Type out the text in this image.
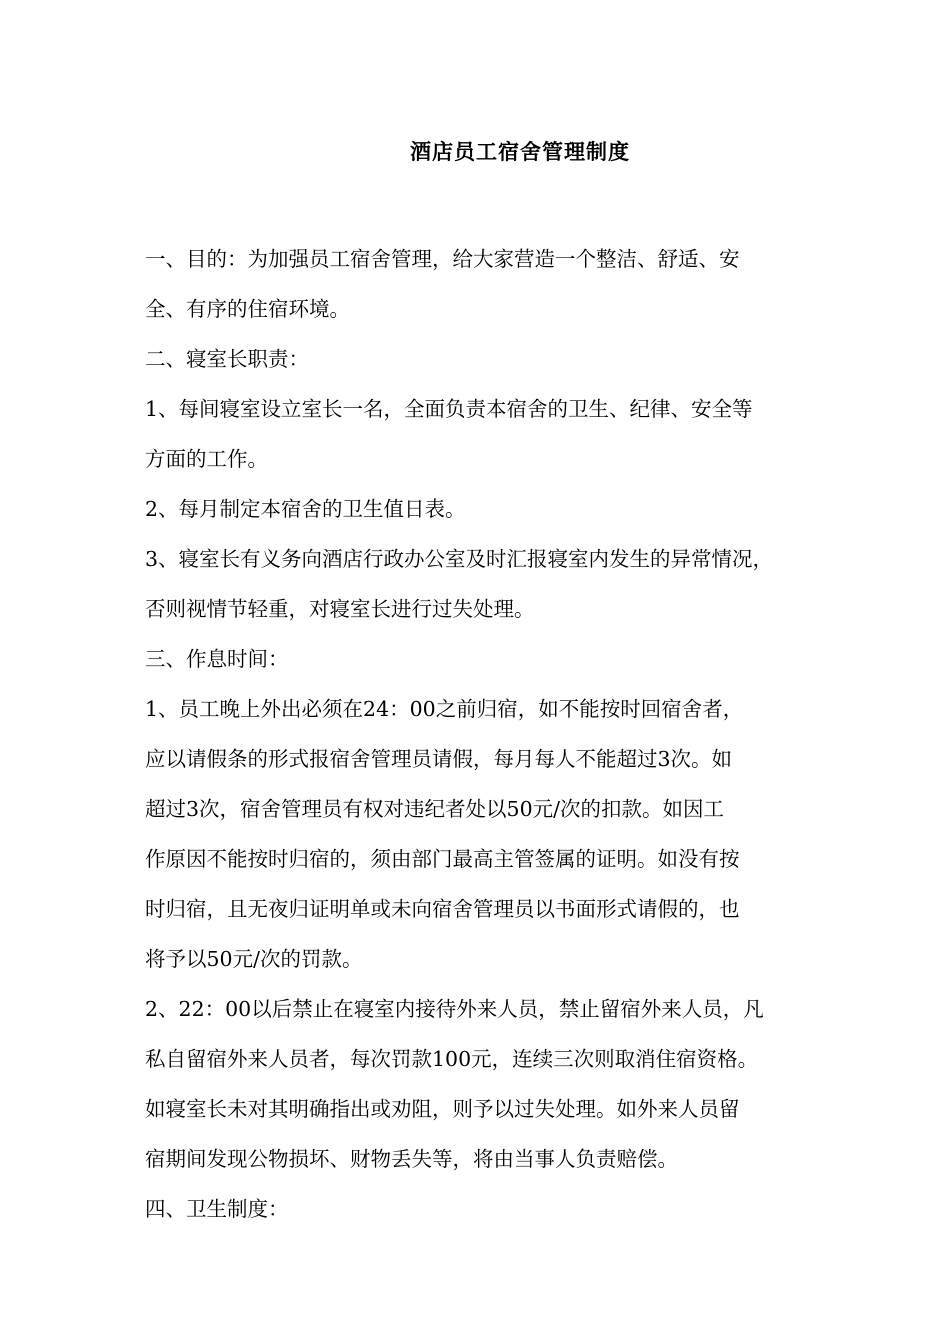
酒店员工宿舍管理制度
一、目的：为加强员工宿舍管理，给大家营造一个整洁、舒适、安
全、有序的住宿环境。
二、寝室长职责：
1、每间寝室设立室长一名，全面负责本宿舍的卫生、纪律、安全等
方面的工作。
2、每月制定本宿舍的卫生值日表。
3、寝室长有义务向酒店行政办公室及时汇报寝室内发生的异常情况，
否则视情节轻重，对寝室长进行过失处理。
三、作息时间：
1、员工晚上外出必须在24：00之前归宿，如不能按时回宿舍者，
应以请假条的形式报宿舍管理员请假，每月每人不能超过3次。如
超过3次，宿舍管理员有权对违纪者处以50元/次的扣款。如因工
作原因不能按时归宿的，须由部门最高主管签属的证明。如没有按
时归宿，且无夜归证明单或未向宿舍管理员以书面形式请假的，也
将予以50元/次的罚款。
2、22：00以后禁止在寝室内接待外来人员，禁止留宿外来人员，凡
私自留宿外来人员者，每次罚款100元，连续三次则取消住宿资格。
如寝室长未对其明确指出或劝阻，则予以过失处理。如外来人员留
宿期间发现公物损坏、财物丢失等，将由当事人负责赔偿。
四、卫生制度：
